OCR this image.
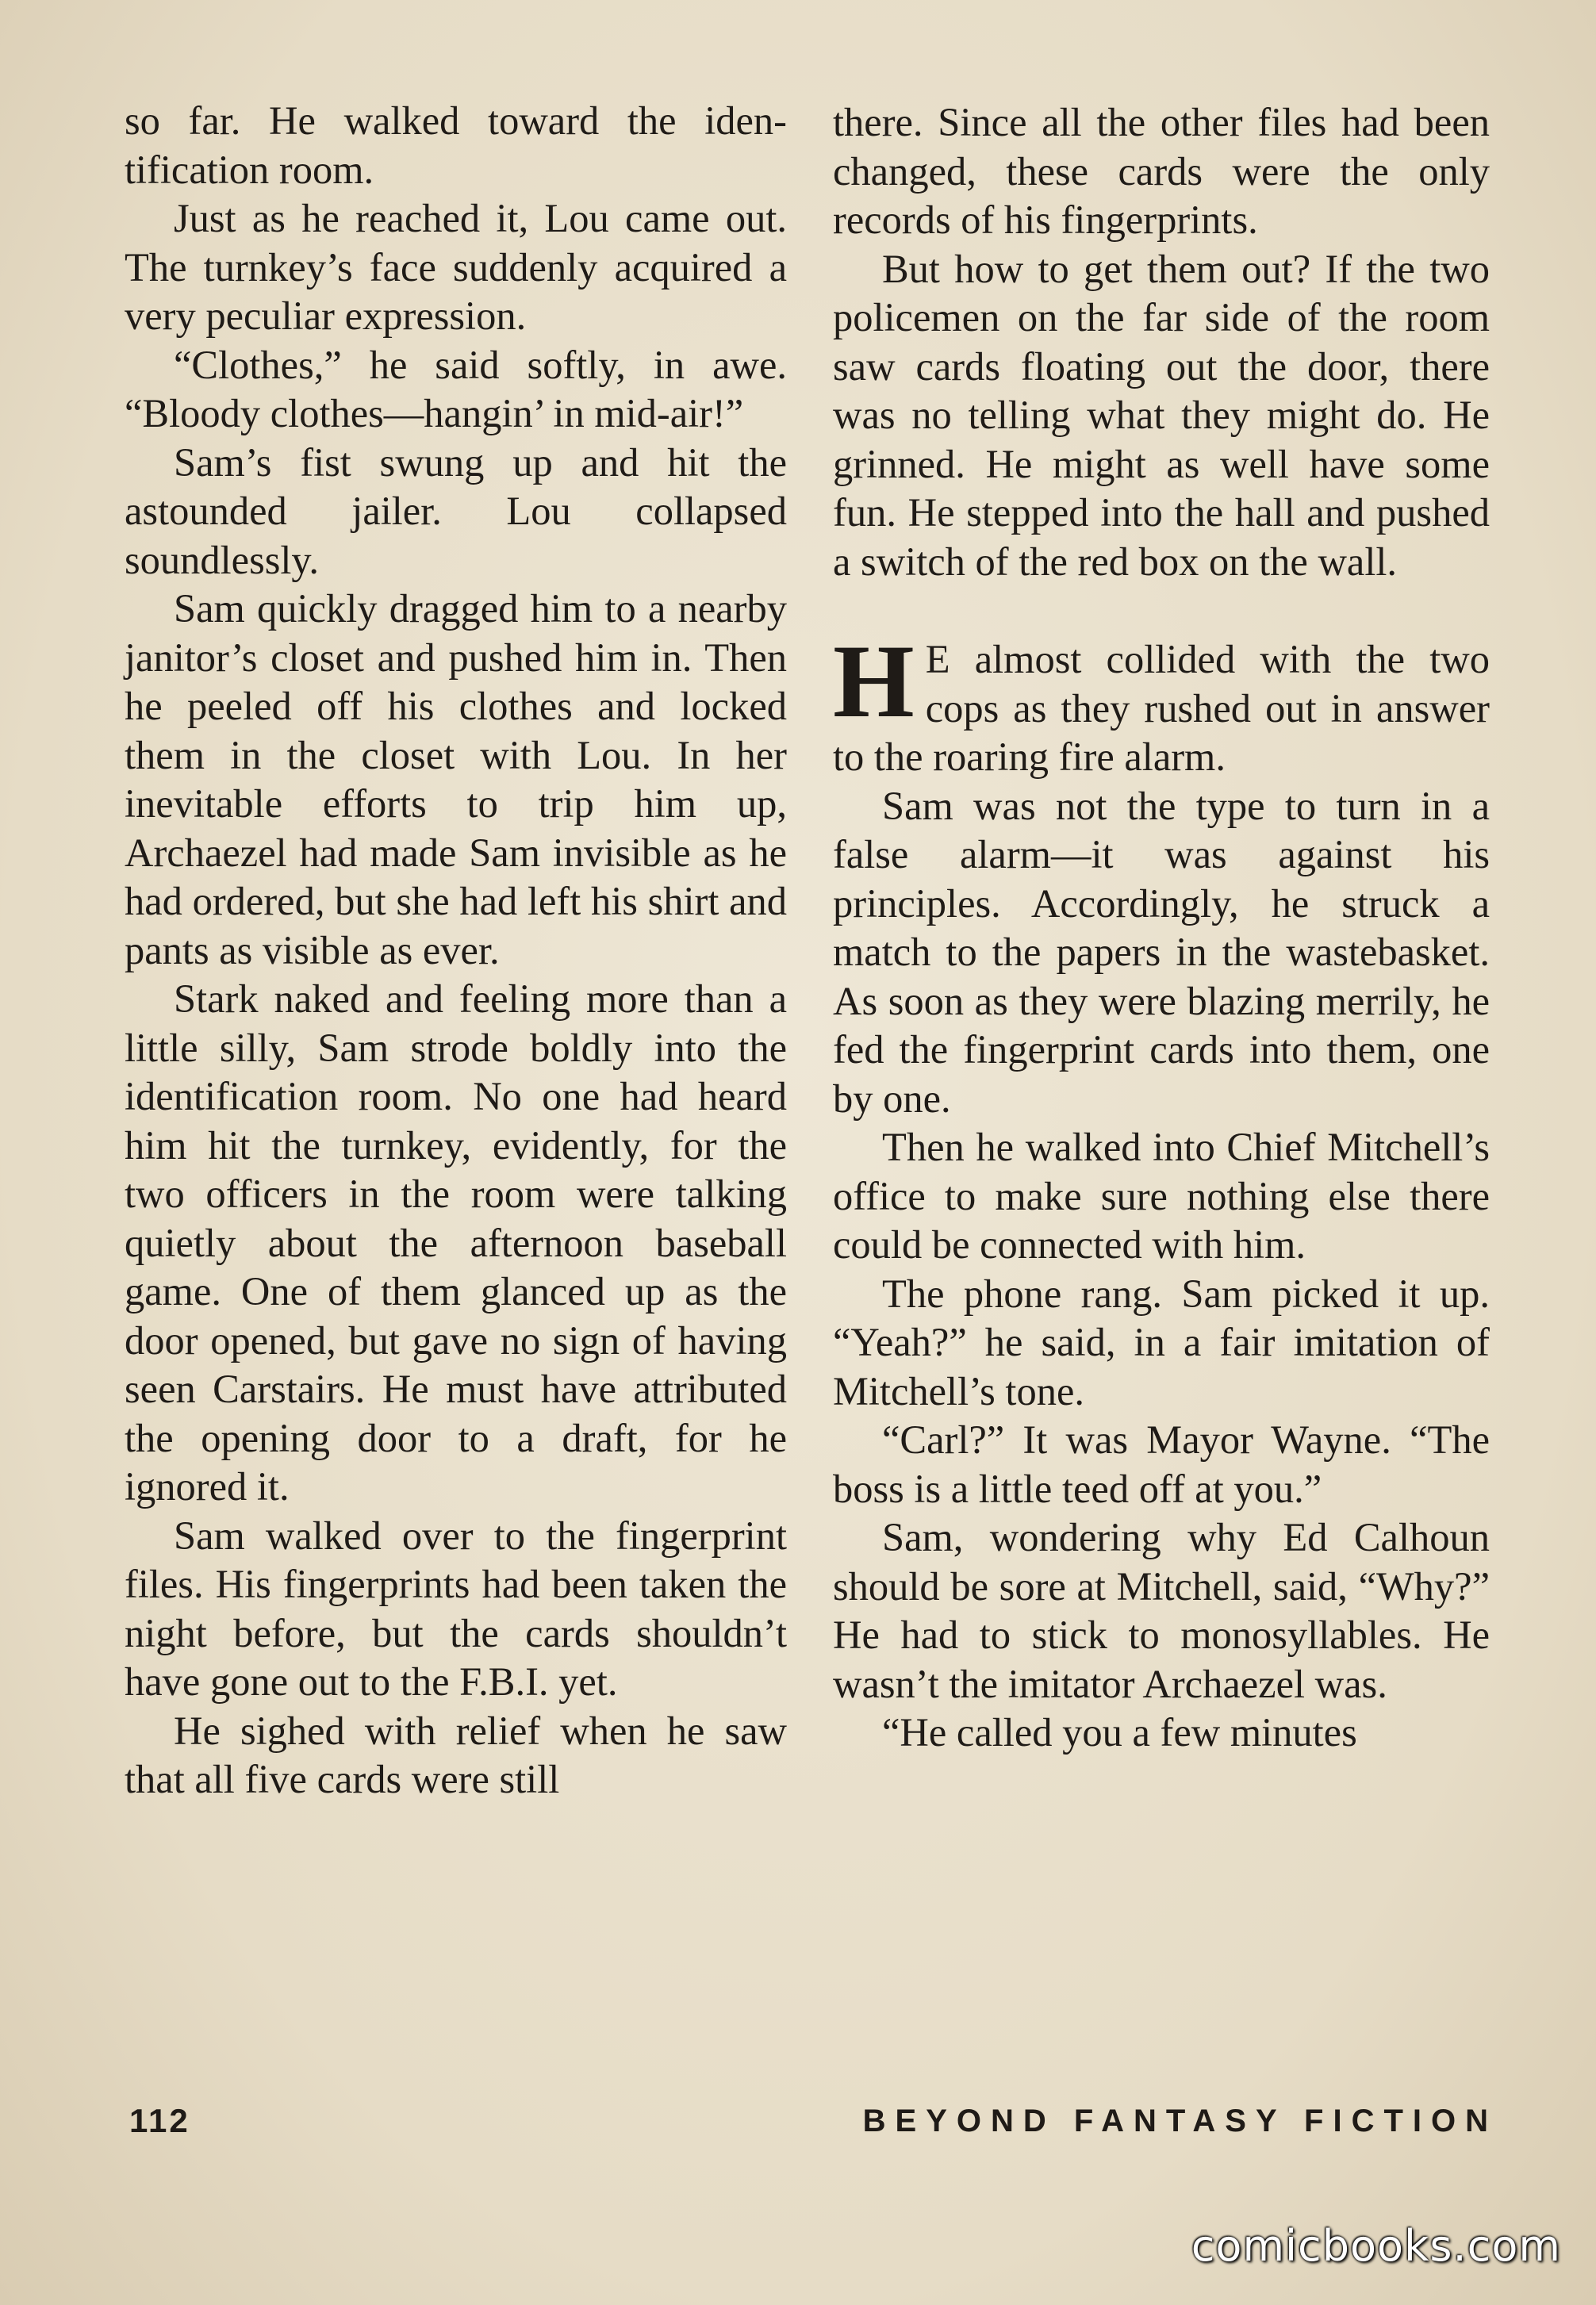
so far. He walked toward the identification room.

Just as he reached it, Lou came out. The turnkey’s face suddenly acquired a very peculiar expression.

“Clothes,” he said softly, in awe. “Bloody clothes—hangin’ in mid-air!”

Sam’s fist swung up and hit the astounded jailer. Lou collapsed soundlessly.

Sam quickly dragged him to a nearby janitor’s closet and pushed him in. Then he peeled off his clothes and locked them in the closet with Lou. In her inevitable efforts to trip him up, Archaezel had made Sam invisible as he had ordered, but she had left his shirt and pants as visible as ever.

Stark naked and feeling more than a little silly, Sam strode boldly into the identification room. No one had heard him hit the turnkey, evidently, for the two officers in the room were talking quietly about the afternoon baseball game. One of them glanced up as the door opened, but gave no sign of having seen Carstairs. He must have attributed the opening door to a draft, for he ignored it.

Sam walked over to the fingerprint files. His fingerprints had been taken the night before, but the cards shouldn’t have gone out to the F.B.I. yet.

He sighed with relief when he saw that all five cards were still

there. Since all the other files had been changed, these cards were the only records of his fingerprints.

But how to get them out? If the two policemen on the far side of the room saw cards floating out the door, there was no telling what they might do. He grinned. He might as well have some fun. He stepped into the hall and pushed a switch of the red box on the wall.

H E almost collided with the two cops as they rushed out in answer to the roaring fire alarm.

Sam was not the type to turn in a false alarm—it was against his principles. Accordingly, he struck a match to the papers in the wastebasket. As soon as they were blazing merrily, he fed the fingerprint cards into them, one by one.

Then he walked into Chief Mitchell’s office to make sure nothing else there could be connected with him.

The phone rang. Sam picked it up. “Yeah?” he said, in a fair imitation of Mitchell’s tone.

“Carl?” It was Mayor Wayne. “The boss is a little teed off at you.”

Sam, wondering why Ed Calhoun should be sore at Mitchell, said, “Why?” He had to stick to monosyllables. He wasn’t the imitator Archaezel was.

“He called you a few minutes

112	BEYOND FANTASY FICTION
comicbooks.com
